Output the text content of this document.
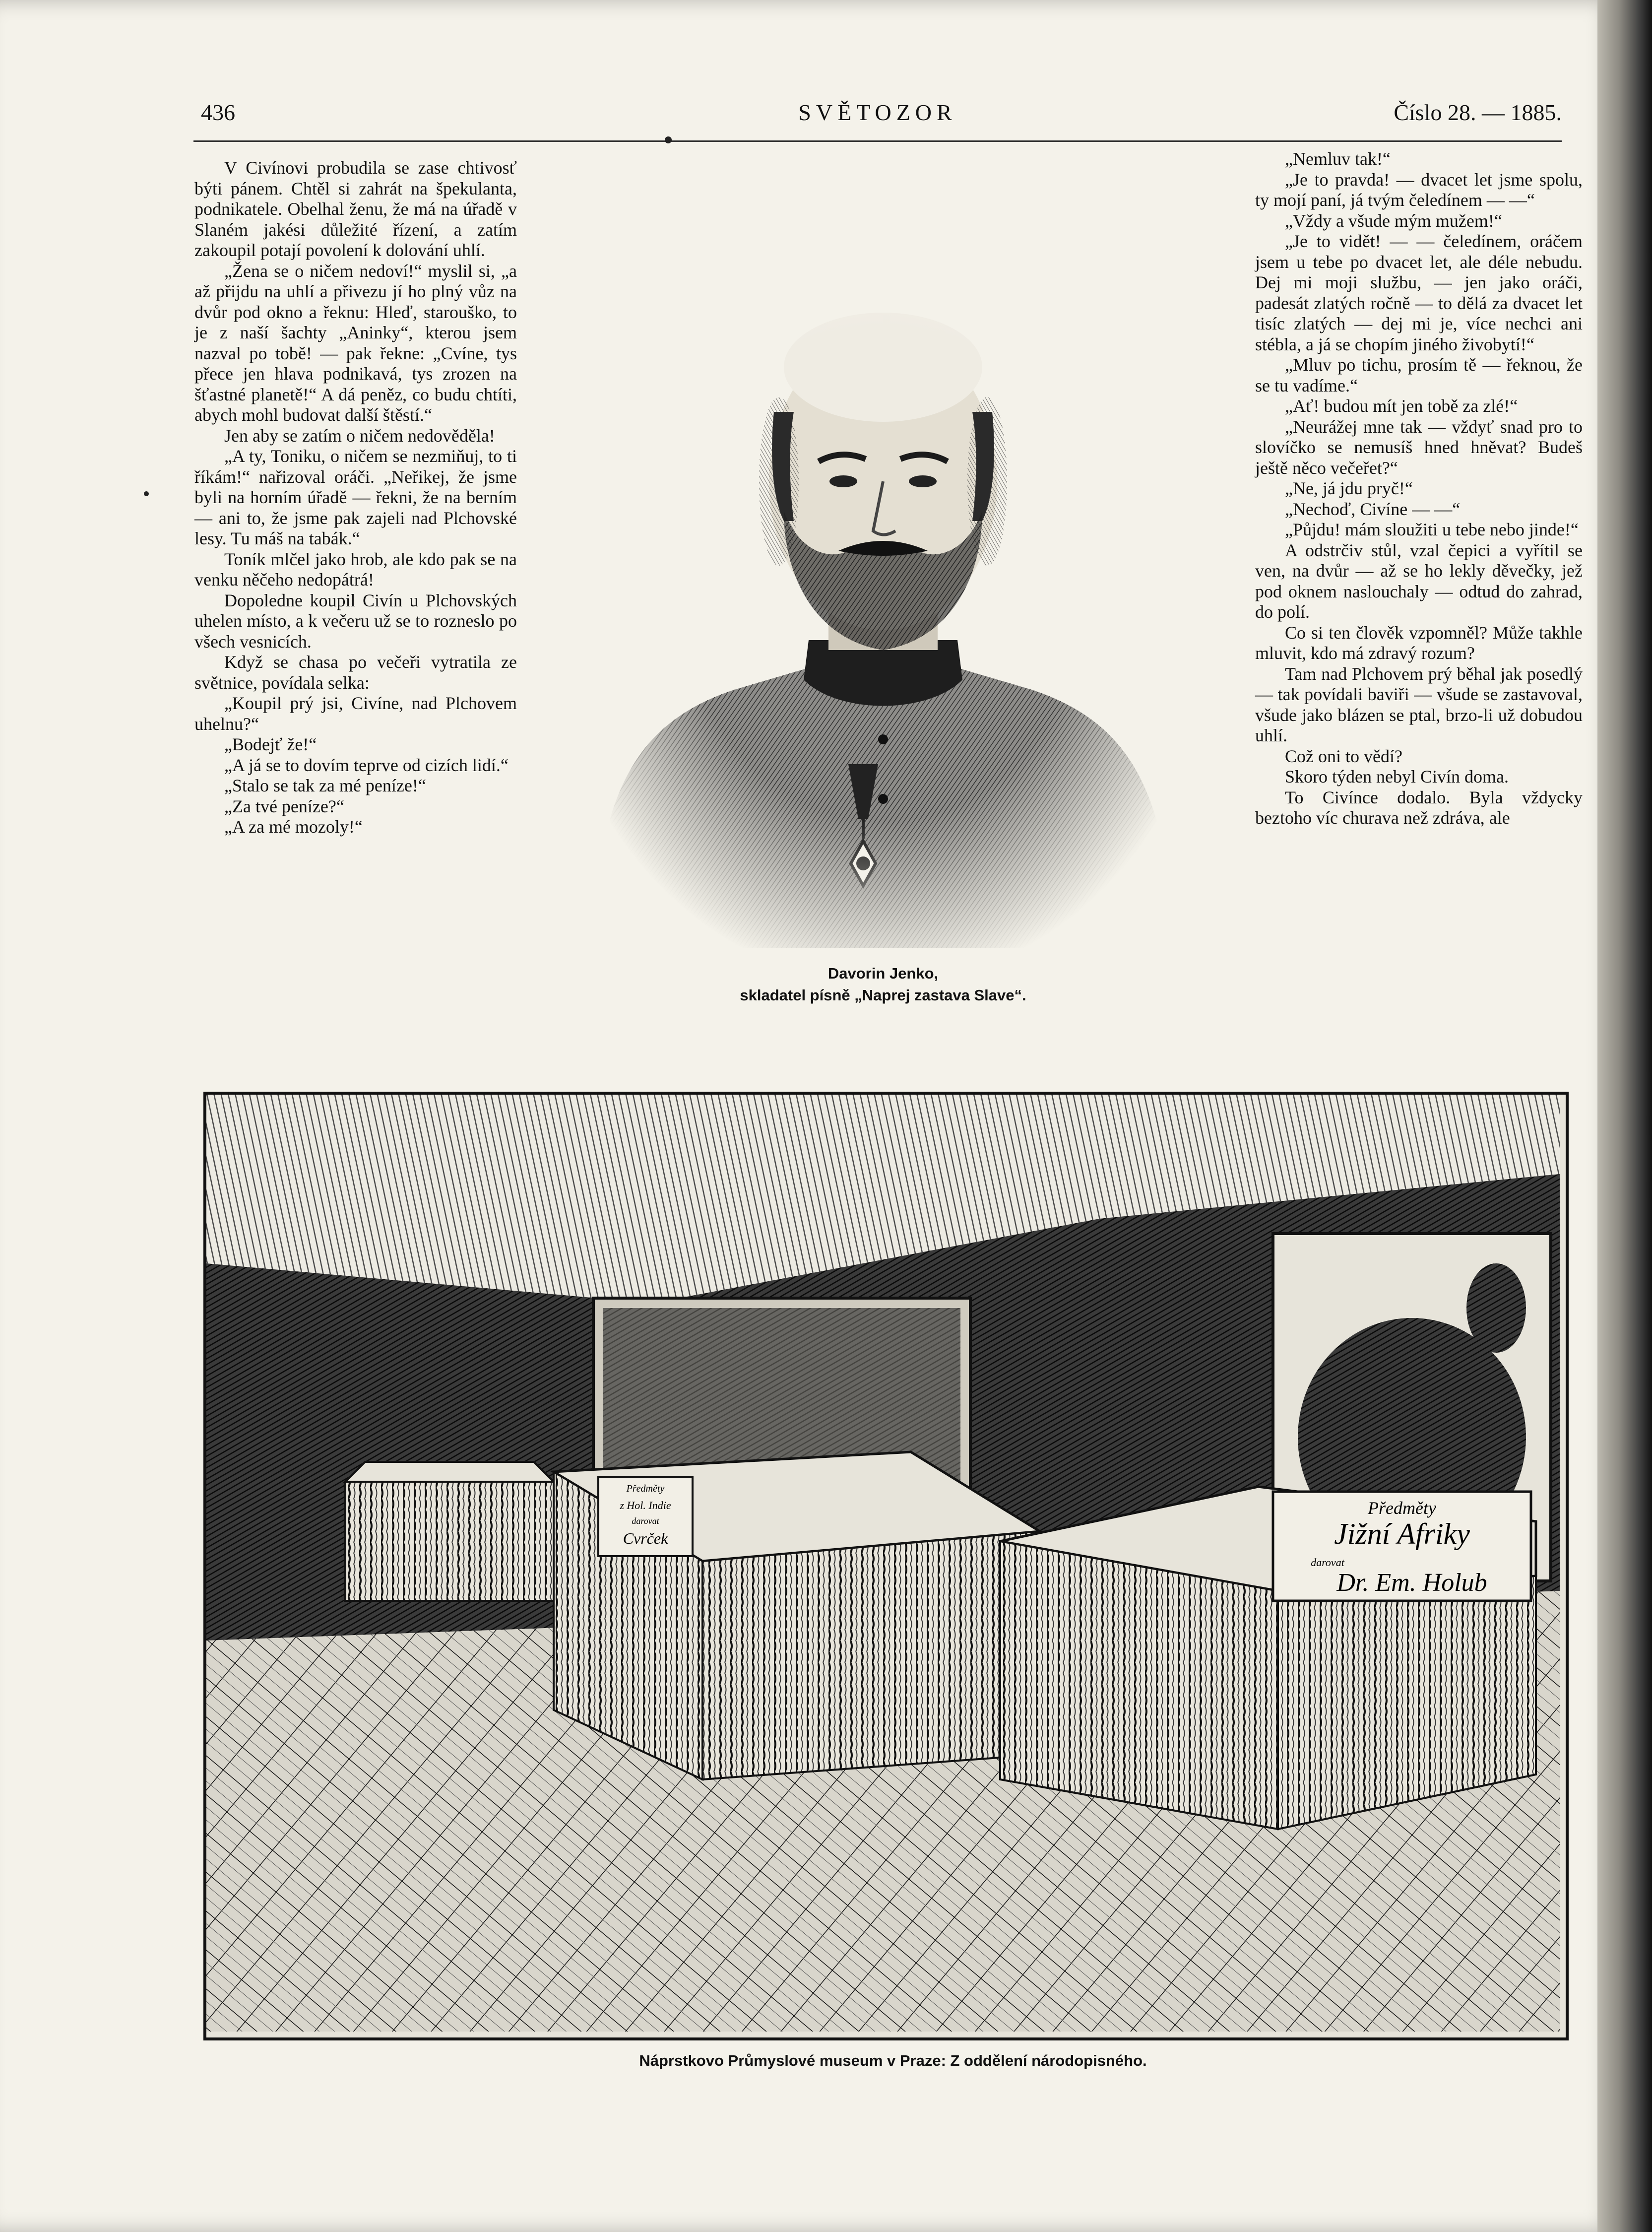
436	SVĚTOZOR	Číslo 28. — 1885.

V Civínovi probudila se zase chtivosť býti pánem. Chtěl si zahrát na špekulanta, podnikatele. Obelhal ženu, že má na úřadě v Slaném jakési důležité řízení, a zatím zakoupil potají povolení k dolování uhlí.

„Žena se o ničem nedoví!“ myslil si, „a až přijdu na uhlí a přivezu jí ho plný vůz na dvůr pod okno a řeknu: Hleď, starouško, to je z naší šachty „Aninky“, kterou jsem nazval po tobě! — pak řekne: „Cvíne, tys přece jen hlava podnikavá, tys zrozen na šťastné planetě!“ A dá peněz, co budu chtíti, abych mohl budovat další štěstí.“

Jen aby se zatím o ničem nedověděla!

„A ty, Toniku, o ničem se nezmiňuj, to ti říkám!“ nařizoval oráči. „Neřikej, že jsme byli na horním úřadě — řekni, že na berním — ani to, že jsme pak zajeli nad Plchovské lesy. Tu máš na tabák.“

Toník mlčel jako hrob, ale kdo pak se na venku něčeho nedopátrá!

Dopoledne koupil Civín u Plchovských uhelen místo, a k večeru už se to rozneslo po všech vesnicích.

Když se chasa po večeři vytratila ze světnice, povídala selka:

„Koupil prý jsi, Civíne, nad Plchovem uhelnu?“

„Bodejť že!“

„A já se to dovím teprve od cizích lidí.“

„Stalo se tak za mé peníze!“

„Za tvé peníze?“

„A za mé mozoly!“

Davorin Jenko,
skladatel písně „Naprej zastava Slave“.

„Nemluv tak!“

„Je to pravda! — dvacet let jsme spolu, ty mojí paní, já tvým čeledínem — —“

„Vždy a všude mým mužem!“

„Je to vidět! — — čeledínem, oráčem jsem u tebe po dvacet let, ale déle nebudu. Dej mi moji službu, — jen jako oráči, padesát zlatých ročně — to dělá za dvacet let tisíc zlatých — dej mi je, více nechci ani stébla, a já se chopím jiného živobytí!“

„Mluv po tichu, prosím tě — řeknou, že se tu vadíme.“

„Ať! budou mít jen tobě za zlé!“

„Neurážej mne tak — vždyť snad pro to slovíčko se nemusíš hned hněvat? Budeš ještě něco večeřet?“

„Ne, já jdu pryč!“

„Nechoď, Civíne — —“

„Půjdu! mám sloužiti u tebe nebo jinde!“

A odstrčiv stůl, vzal čepici a vyřítil se ven, na dvůr — až se ho lekly děvečky, jež pod oknem naslouchaly — odtud do zahrad, do polí.

Co si ten člověk vzpomněl? Může takhle mluvit, kdo má zdravý rozum?

Tam nad Plchovem prý běhal jak posedlý — tak povídali baviři — všude se zastavoval, všude jako blázen se ptal, brzo-li už dobudou uhlí.

Což oni to vědí?

Skoro týden nebyl Civín doma.

To Civínce dodalo. Byla vždycky beztoho víc churava než zdráva, ale

Předměty
z Hol. Indie
darovat
Cvrček
Předměty
Jižní Afriky
darovat
Dr. Em. Holub
Náprstkovo Průmyslové museum v Praze: Z oddělení národopisného.
